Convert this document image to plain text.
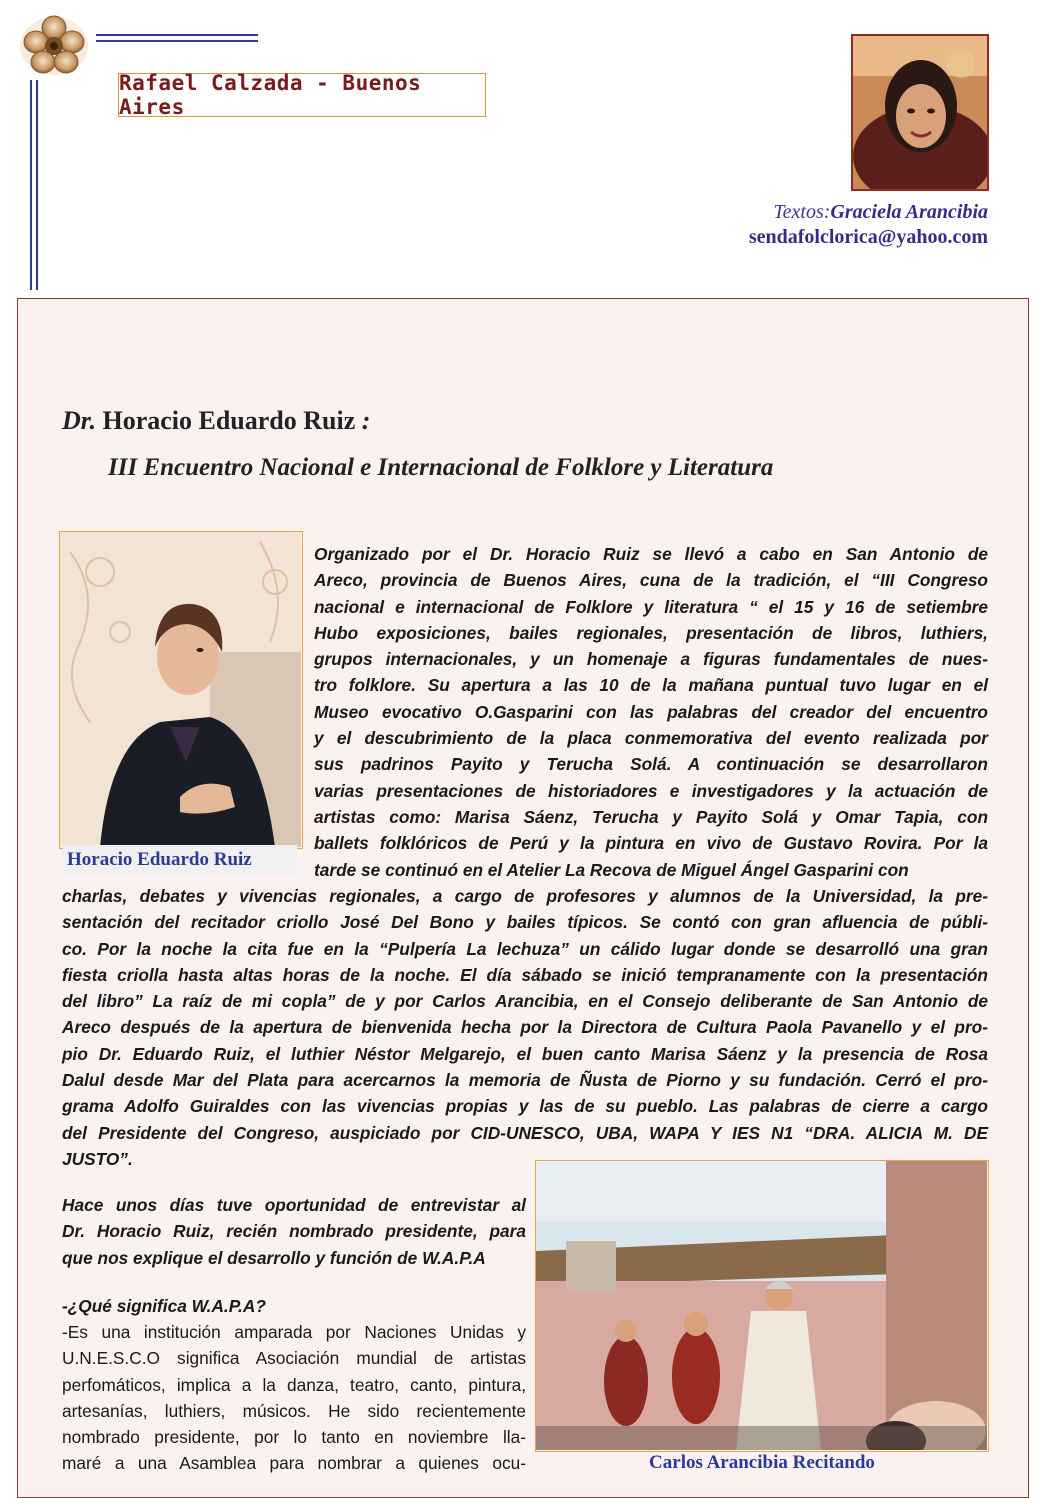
Rafael Calzada - Buenos Aires
Textos:Graciela Arancibia
sendafolclorica@yahoo.com
Dr. Horacio Eduardo Ruiz :
III Encuentro Nacional e Internacional de Folklore y Literatura
Horacio Eduardo Ruiz
Organizado por el Dr. Horacio Ruiz se llevó a cabo en San Antonio de
Areco, provincia de Buenos Aires, cuna de la tradición, el “III Congreso
nacional e internacional de Folklore y literatura “ el 15 y 16 de setiembre
Hubo exposiciones, bailes regionales, presentación de libros, luthiers,
grupos internacionales, y un homenaje a figuras fundamentales de nues-
tro folklore. Su apertura a las 10 de la mañana puntual tuvo lugar en el
Museo evocativo O.Gasparini con las palabras del creador del encuentro
y el descubrimiento de la placa conmemorativa del evento realizada por
sus padrinos Payito y Terucha Solá. A continuación se desarrollaron
varias presentaciones de historiadores e investigadores y la actuación de
artistas como: Marisa Sáenz, Terucha y Payito Solá y Omar Tapia, con
ballets folklóricos de Perú y la pintura en vivo de Gustavo Rovira. Por la
tarde se continuó en el Atelier La Recova de Miguel Ángel Gasparini con
charlas, debates y vivencias regionales, a cargo de profesores y alumnos de la Universidad, la pre-
sentación del recitador criollo José Del Bono y bailes típicos. Se contó con gran afluencia de públi-
co. Por la noche la cita fue en la “Pulpería La lechuza” un cálido lugar donde se desarrolló una gran
fiesta criolla hasta altas horas de la noche. El día sábado se inició tempranamente con la presentación
del libro” La raíz de mi copla” de y por Carlos Arancibia, en el Consejo deliberante de San Antonio de
Areco después de la apertura de bienvenida hecha por la Directora de Cultura Paola Pavanello y el pro-
pio Dr. Eduardo Ruiz, el luthier Néstor Melgarejo, el buen canto Marisa Sáenz y la presencia de Rosa
Dalul desde Mar del Plata para acercarnos la memoria de Ñusta de Piorno y su fundación. Cerró el pro-
grama Adolfo Guiraldes con las vivencias propias y las de su pueblo. Las palabras de cierre a cargo
del Presidente del Congreso, auspiciado por CID-UNESCO, UBA, WAPA Y IES N1 “DRA. ALICIA M. DE
JUSTO”.
Hace unos días tuve oportunidad de entrevistar al
Dr. Horacio Ruiz, recién nombrado presidente, para
que nos explique el desarrollo y función de W.A.P.A
-¿Qué significa W.A.P.A?
-Es una institución amparada por Naciones Unidas y
U.N.E.S.C.O significa Asociación mundial de artistas
perfomáticos, implica a la danza, teatro, canto, pintura,
artesanías, luthiers, músicos. He sido recientemente
nombrado presidente, por lo tanto en noviembre lla-
maré a una Asamblea para nombrar a quienes ocu-	Carlos Arancibia Recitando
